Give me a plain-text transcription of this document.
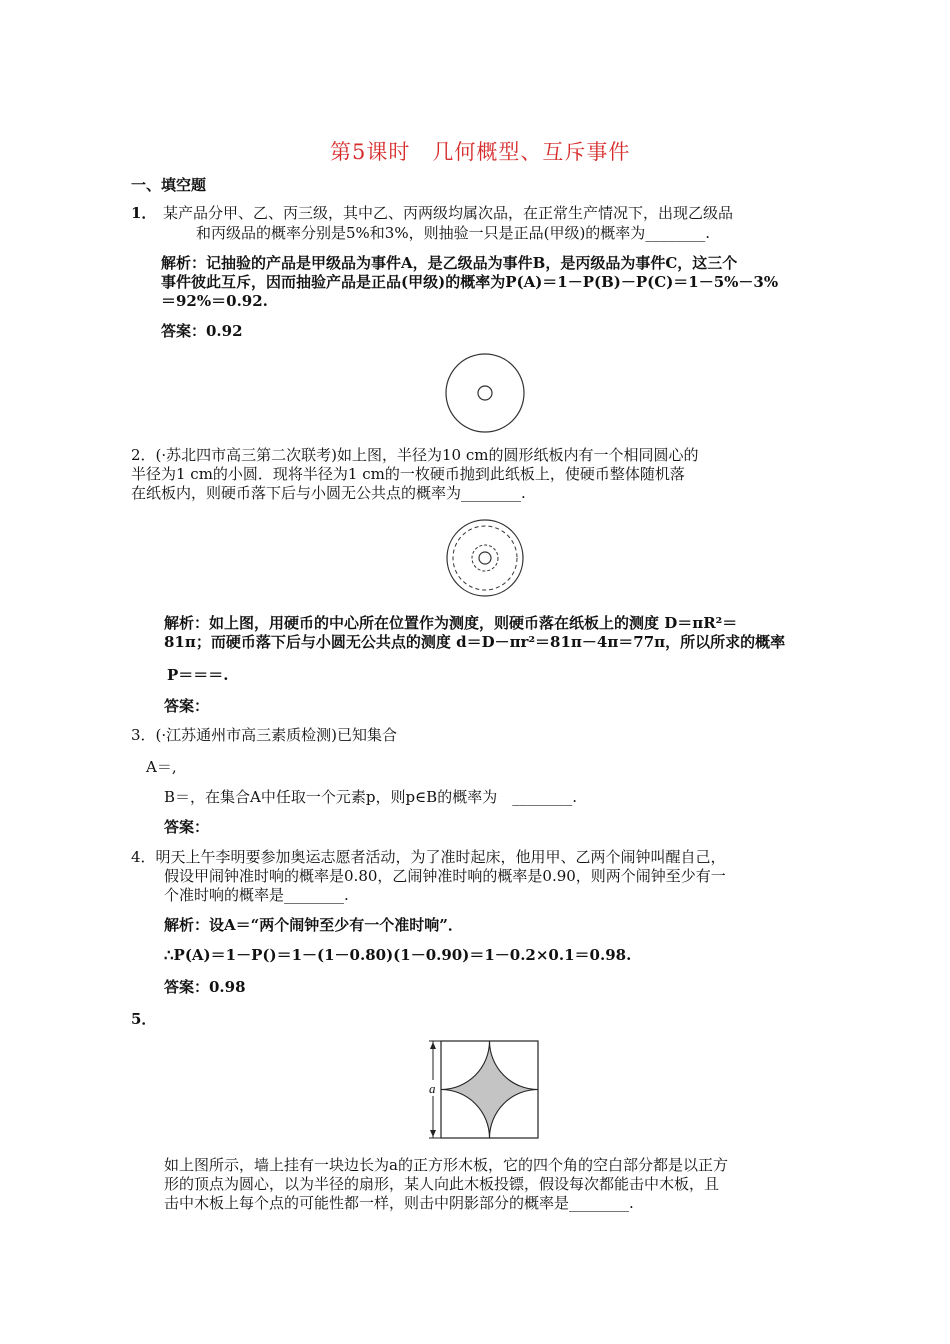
第5课时　几何概型、互斥事件
一、填空题
1． 某产品分甲、乙、丙三级，其中乙、丙两级均属次品，在正常生产情况下，出现乙级品
和丙级品的概率分别是5%和3%，则抽验一只是正品(甲级)的概率为________.
解析：记抽验的产品是甲级品为事件A，是乙级品为事件B，是丙级品为事件C，这三个
事件彼此互斥，因而抽验产品是正品(甲级)的概率为P(A)＝1－P(B)－P(C)＝1－5%－3%
＝92%＝0.92.
答案：0.92
2．(·苏北四市高三第二次联考)如上图，半径为10 cm的圆形纸板内有一个相同圆心的
半径为1 cm的小圆．现将半径为1 cm的一枚硬币抛到此纸板上，使硬币整体随机落
在纸板内，则硬币落下后与小圆无公共点的概率为________.
解析：如上图，用硬币的中心所在位置作为测度，则硬币落在纸板上的测度 D＝πR²＝
81π；而硬币落下后与小圆无公共点的测度 d＝D－πr²＝81π－4π＝77π，所以所求的概率
P＝＝＝.
答案：
3．(·江苏通州市高三素质检测)已知集合
A＝,
B＝，在集合A中任取一个元素p，则p∈B的概率为　________.
答案：
4．明天上午李明要参加奥运志愿者活动，为了准时起床，他用甲、乙两个闹钟叫醒自己，
假设甲闹钟准时响的概率是0.80，乙闹钟准时响的概率是0.90，则两个闹钟至少有一
个准时响的概率是________.
解析：设A＝“两个闹钟至少有一个准时响”．
∴P(A)＝1－P()＝1－(1－0.80)(1－0.90)＝1－0.2×0.1＝0.98.
答案：0.98
5．
a
如上图所示，墙上挂有一块边长为a的正方形木板，它的四个角的空白部分都是以正方
形的顶点为圆心，以为半径的扇形，某人向此木板投镖，假设每次都能击中木板，且
击中木板上每个点的可能性都一样，则击中阴影部分的概率是________.
